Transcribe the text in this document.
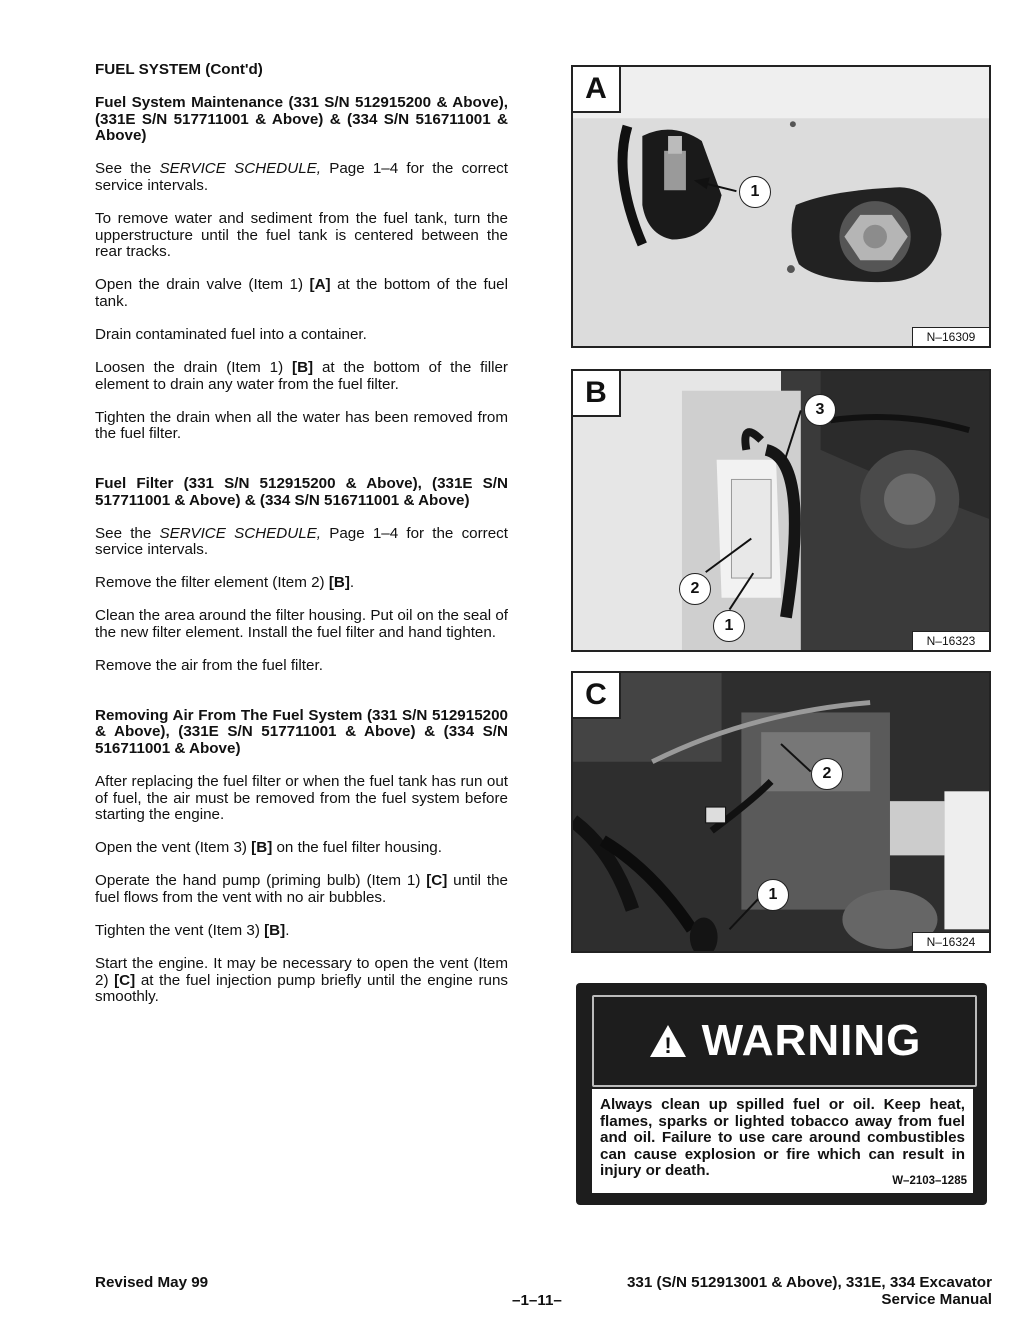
FUEL SYSTEM (Cont'd)
Fuel System Maintenance (331 S/N 512915200 & Above), (331E S/N 517711001 & Above) & (334 S/N 516711001 & Above)

See the SERVICE SCHEDULE, Page 1–4 for the correct service intervals.

To remove water and sediment from the fuel tank, turn the upperstructure until the fuel tank is centered between the rear tracks.

Open the drain valve (Item 1) [A] at the bottom of the fuel tank.

Drain contaminated fuel into a container.

Loosen the drain (Item 1) [B] at the bottom of the filler element to drain any water from the fuel filter.

Tighten the drain when all the water has been removed from the fuel filter.

Fuel Filter (331 S/N 512915200 & Above), (331E S/N 517711001 & Above) & (334 S/N 516711001 & Above)

See the SERVICE SCHEDULE, Page 1–4 for the correct service intervals.

Remove the filter element (Item 2) [B].

Clean the area around the filter housing. Put oil on the seal of the new filter element. Install the fuel filter and hand tighten.

Remove the air from the fuel filter.

Removing Air From The Fuel System (331 S/N 512915200 & Above), (331E S/N 517711001 & Above) & (334 S/N 516711001 & Above)

After replacing the fuel filter or when the fuel tank has run out of fuel, the air must be removed from the fuel system before starting the engine.

Open the vent (Item 3) [B] on the fuel filter housing.

Operate the hand pump (priming bulb) (Item 1) [C] until the fuel flows from the vent with no air bubbles.

Tighten the vent (Item 3) [B].

Start the engine. It may be necessary to open the vent (Item 2) [C] at the fuel injection pump briefly until the engine runs smoothly.

A
1
N–16309
B
3
2
1
N–16323
C
2
1
N–16324
! WARNING
Always clean up spilled fuel or oil. Keep heat, flames, sparks or lighted tobacco away from fuel and oil. Failure to use care around combustibles can cause explosion or fire which can result in injury or death.
W–2103–1285
Revised May 99
–1–11–
331 (S/N 512913001 & Above), 331E, 334 Excavator
Service Manual
